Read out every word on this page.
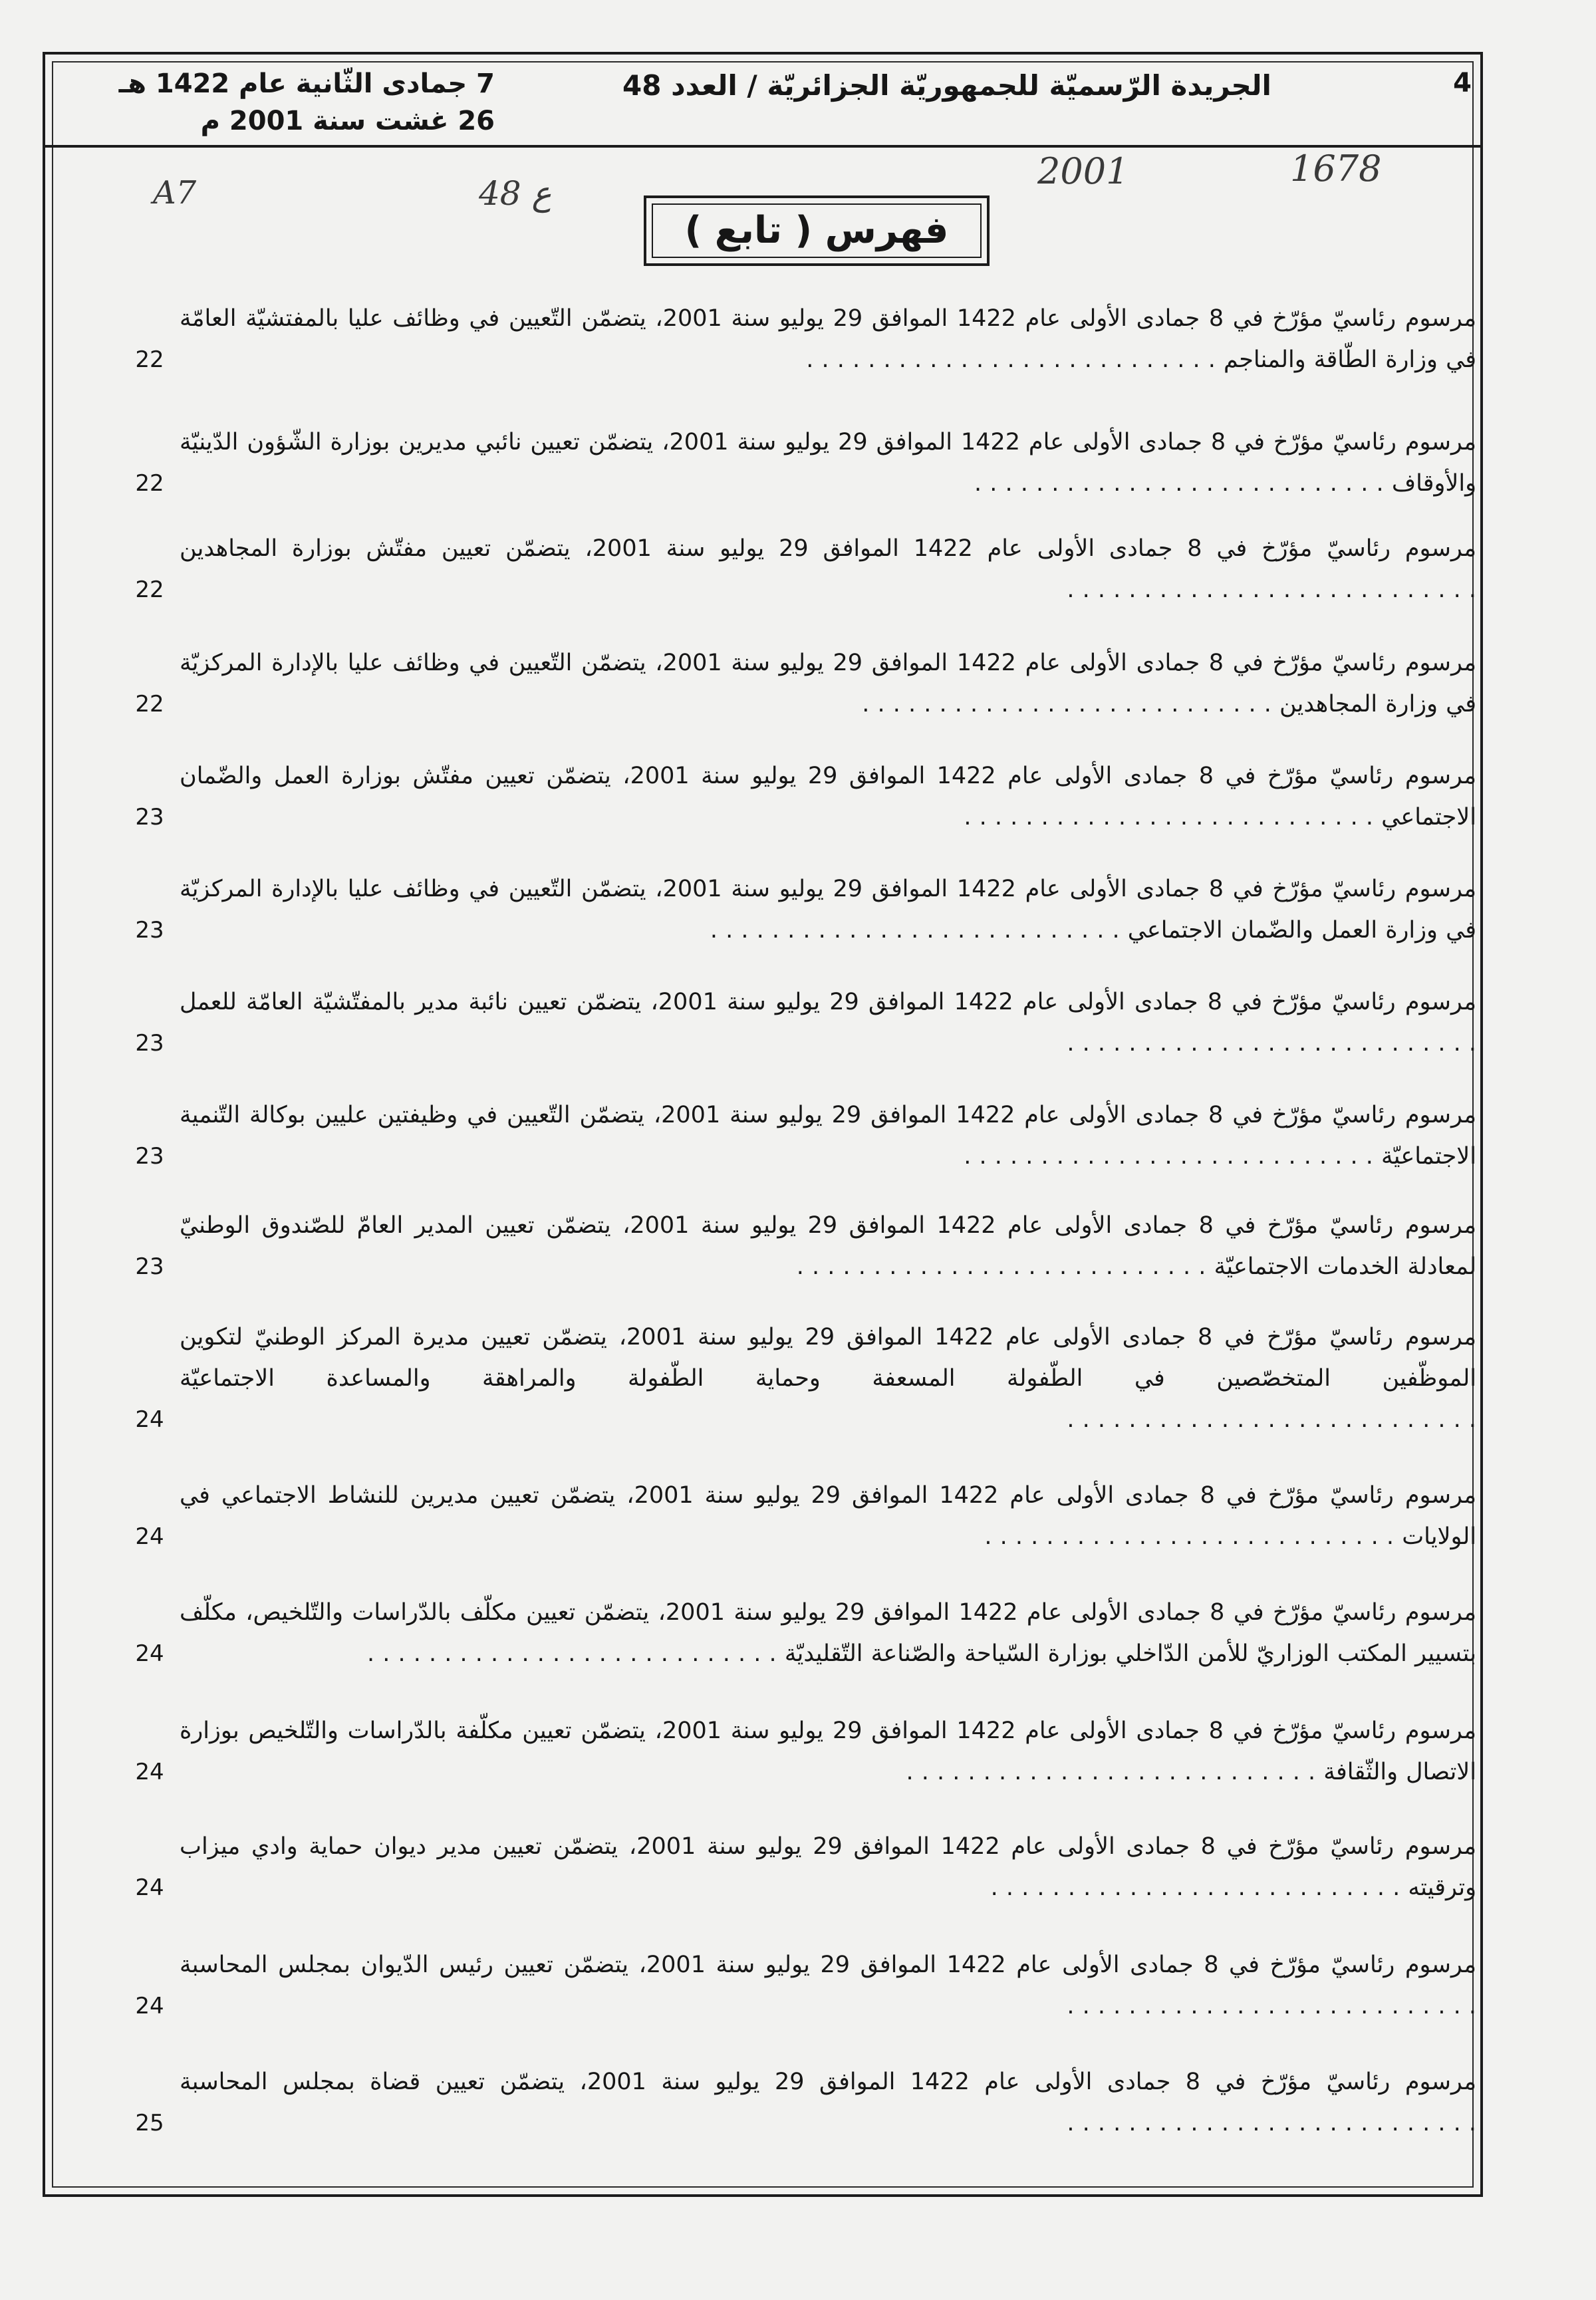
4
الجريدة الرّسميّة للجمهوريّة الجزائريّة / العدد 48
7 جمادى الثّانية عام 1422 هـ
26 غشت سنة 2001 م
1678
2001
48 ع
A7
فهرس ( تابع )
22
مرسوم رئاسيّ مؤرّخ في 8 جمادى الأولى عام 1422 الموافق 29 يوليو سنة 2001، يتضمّن التّعيين في وظائف عليا بالمفتشيّة العامّة في وزارة الطّاقة والمناجم . . . . . . . . . . . . . . . . . . . . . . . . . . .
22
مرسوم رئاسيّ مؤرّخ في 8 جمادى الأولى عام 1422 الموافق 29 يوليو سنة 2001، يتضمّن تعيين نائبي مديرين بوزارة الشّؤون الدّينيّة والأوقاف . . . . . . . . . . . . . . . . . . . . . . . . . . .
22
مرسوم رئاسيّ مؤرّخ في 8 جمادى الأولى عام 1422 الموافق 29 يوليو سنة 2001، يتضمّن تعيين مفتّش بوزارة المجاهدين . . . . . . . . . . . . . . . . . . . . . . . . . . .
22
مرسوم رئاسيّ مؤرّخ في 8 جمادى الأولى عام 1422 الموافق 29 يوليو سنة 2001، يتضمّن التّعيين في وظائف عليا بالإدارة المركزيّة في وزارة المجاهدين . . . . . . . . . . . . . . . . . . . . . . . . . . .
23
مرسوم رئاسيّ مؤرّخ في 8 جمادى الأولى عام 1422 الموافق 29 يوليو سنة 2001، يتضمّن تعيين مفتّش بوزارة العمل والضّمان الاجتماعي . . . . . . . . . . . . . . . . . . . . . . . . . . .
23
مرسوم رئاسيّ مؤرّخ في 8 جمادى الأولى عام 1422 الموافق 29 يوليو سنة 2001، يتضمّن التّعيين في وظائف عليا بالإدارة المركزيّة في وزارة العمل والضّمان الاجتماعي . . . . . . . . . . . . . . . . . . . . . . . . . . .
23
مرسوم رئاسيّ مؤرّخ في 8 جمادى الأولى عام 1422 الموافق 29 يوليو سنة 2001، يتضمّن تعيين نائبة مدير بالمفتّشيّة العامّة للعمل . . . . . . . . . . . . . . . . . . . . . . . . . . .
23
مرسوم رئاسيّ مؤرّخ في 8 جمادى الأولى عام 1422 الموافق 29 يوليو سنة 2001، يتضمّن التّعيين في وظيفتين عليين بوكالة التّنمية الاجتماعيّة . . . . . . . . . . . . . . . . . . . . . . . . . . .
23
مرسوم رئاسيّ مؤرّخ في 8 جمادى الأولى عام 1422 الموافق 29 يوليو سنة 2001، يتضمّن تعيين المدير العامّ للصّندوق الوطنيّ لمعادلة الخدمات الاجتماعيّة . . . . . . . . . . . . . . . . . . . . . . . . . . .
24
مرسوم رئاسيّ مؤرّخ في 8 جمادى الأولى عام 1422 الموافق 29 يوليو سنة 2001، يتضمّن تعيين مديرة المركز الوطنيّ لتكوين الموظّفين المتخصّصين في الطّفولة المسعفة وحماية الطّفولة والمراهقة والمساعدة الاجتماعيّة . . . . . . . . . . . . . . . . . . . . . . . . . . .
24
مرسوم رئاسيّ مؤرّخ في 8 جمادى الأولى عام 1422 الموافق 29 يوليو سنة 2001، يتضمّن تعيين مديرين للنشاط الاجتماعي في الولايات . . . . . . . . . . . . . . . . . . . . . . . . . . .
24
مرسوم رئاسيّ مؤرّخ في 8 جمادى الأولى عام 1422 الموافق 29 يوليو سنة 2001، يتضمّن تعيين مكلّف بالدّراسات والتّلخيص، مكلّف بتسيير المكتب الوزاريّ للأمن الدّاخلي بوزارة السّياحة والصّناعة التّقليديّة . . . . . . . . . . . . . . . . . . . . . . . . . . .
24
مرسوم رئاسيّ مؤرّخ في 8 جمادى الأولى عام 1422 الموافق 29 يوليو سنة 2001، يتضمّن تعيين مكلّفة بالدّراسات والتّلخيص بوزارة الاتصال والثّقافة . . . . . . . . . . . . . . . . . . . . . . . . . . .
24
مرسوم رئاسيّ مؤرّخ في 8 جمادى الأولى عام 1422 الموافق 29 يوليو سنة 2001، يتضمّن تعيين مدير ديوان حماية وادي ميزاب وترقيته . . . . . . . . . . . . . . . . . . . . . . . . . . .
24
مرسوم رئاسيّ مؤرّخ في 8 جمادى الأولى عام 1422 الموافق 29 يوليو سنة 2001، يتضمّن تعيين رئيس الدّيوان بمجلس المحاسبة . . . . . . . . . . . . . . . . . . . . . . . . . . .
25
مرسوم رئاسيّ مؤرّخ في 8 جمادى الأولى عام 1422 الموافق 29 يوليو سنة 2001، يتضمّن تعيين قضاة بمجلس المحاسبة . . . . . . . . . . . . . . . . . . . . . . . . . . .
